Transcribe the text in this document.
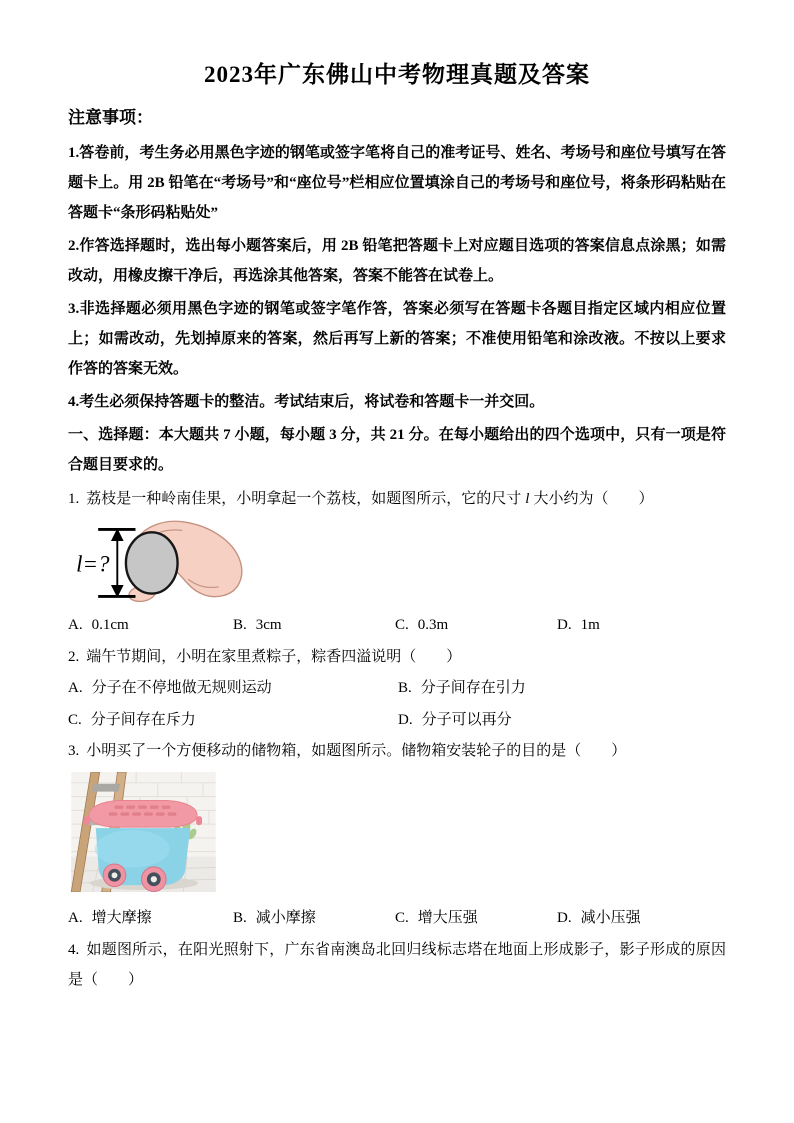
2023年广东佛山中考物理真题及答案

注意事项：

1.答卷前，考生务必用黑色字迹的钢笔或签字笔将自己的准考证号、姓名、考场号和座位号填写在答题卡上。用 2B 铅笔在“考场号”和“座位号”栏相应位置填涂自己的考场号和座位号，将条形码粘贴在答题卡“条形码粘贴处”

2.作答选择题时，选出每小题答案后，用 2B 铅笔把答题卡上对应题目选项的答案信息点涂黑；如需改动，用橡皮擦干净后，再选涂其他答案，答案不能答在试卷上。

3.非选择题必须用黑色字迹的钢笔或签字笔作答，答案必须写在答题卡各题目指定区域内相应位置上；如需改动，先划掉原来的答案，然后再写上新的答案；不准使用铅笔和涂改液。不按以上要求作答的答案无效。

4.考生必须保持答题卡的整洁。考试结束后，将试卷和答题卡一并交回。

一、选择题：本大题共 7 小题，每小题 3 分，共 21 分。在每小题给出的四个选项中，只有一项是符合题目要求的。

1. 荔枝是一种岭南佳果，小明拿起一个荔枝，如题图所示，它的尺寸 l 大小约为（　　）

l=?
A. 0.1cm	B. 3cm	C. 0.3m	D. 1m

2. 端午节期间，小明在家里煮粽子，粽香四溢说明（　　）

A. 分子在不停地做无规则运动	B. 分子间存在引力
C. 分子间存在斥力	D. 分子可以再分

3. 小明买了一个方便移动的储物箱，如题图所示。储物箱安装轮子的目的是（　　）

A. 增大摩擦	B. 减小摩擦	C. 增大压强	D. 减小压强

4. 如题图所示，在阳光照射下，广东省南澳岛北回归线标志塔在地面上形成影子，影子形成的原因是（　　）
